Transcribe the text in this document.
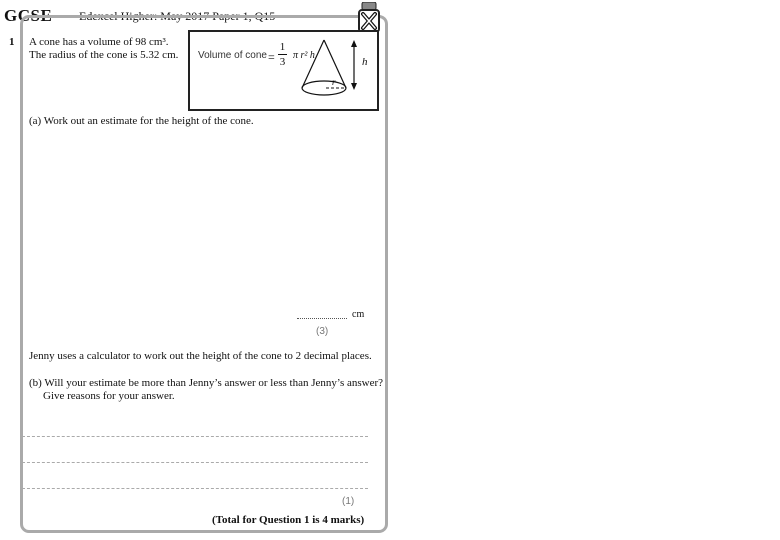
GCSE Edexcel Higher: May 2017 Paper 1, Q15
1 A cone has a volume of 98 cm³.
The radius of the cone is 5.32 cm. Volume of cone =
1
3
π r² h
r
h
(a) Work out an estimate for the height of the cone.
cm
(3)
Jenny uses a calculator to work out the height of the cone to 2 decimal places.
(b) Will your estimate be more than Jenny’s answer or less than Jenny’s answer?
Give reasons for your answer.
(1)
(Total for Question 1 is 4 marks)
